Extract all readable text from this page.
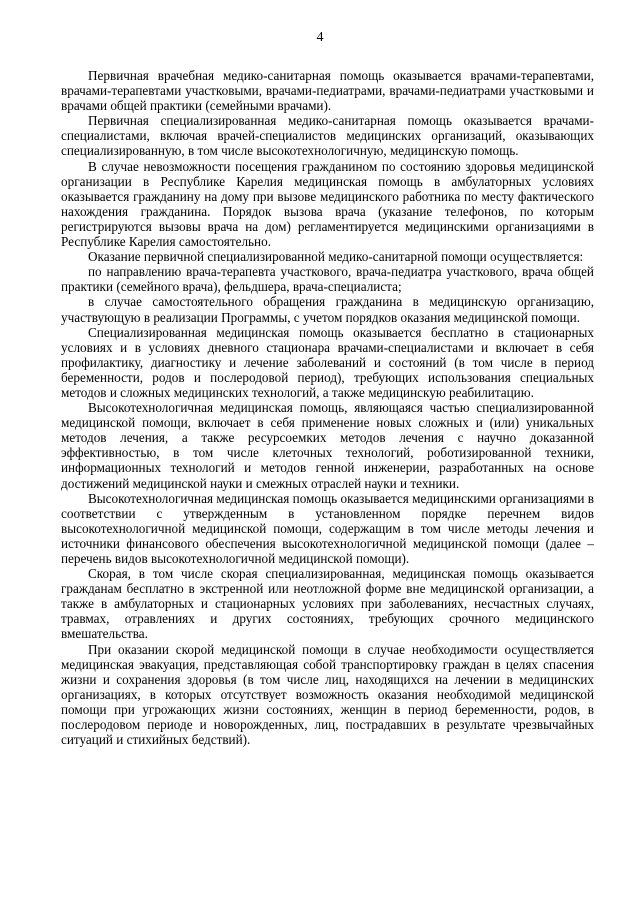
4

Первичная врачебная медико-санитарная помощь оказывается врачами-терапевтами, врачами-терапевтами участковыми, врачами-педиатрами, врачами-педиатрами участковыми и врачами общей практики (семейными врачами).

Первичная специализированная медико-санитарная помощь оказывается врачами-специалистами, включая врачей-специалистов медицинских организаций, оказывающих специализированную, в том числе высокотехнологичную, медицинскую помощь.

В случае невозможности посещения гражданином по состоянию здоровья медицинской организации в Республике Карелия медицинская помощь в амбулаторных условиях оказывается гражданину на дому при вызове медицинского работника по месту фактического нахождения гражданина. Порядок вызова врача (указание телефонов, по которым регистрируются вызовы врача на дом) регламентируется медицинскими организациями в Республике Карелия самостоятельно.

Оказание первичной специализированной медико-санитарной помощи осуществляется:

по направлению врача-терапевта участкового, врача-педиатра участкового, врача общей практики (семейного врача), фельдшера, врача-специалиста;

в случае самостоятельного обращения гражданина в медицинскую организацию, участвующую в реализации Программы, с учетом порядков оказания медицинской помощи.

Специализированная медицинская помощь оказывается бесплатно в стационарных условиях и в условиях дневного стационара врачами-специалистами и включает в себя профилактику, диагностику и лечение заболеваний и состояний (в том числе в период беременности, родов и послеродовой период), требующих использования специальных методов и сложных медицинских технологий, а также медицинскую реабилитацию.

Высокотехнологичная медицинская помощь, являющаяся частью специализированной медицинской помощи, включает в себя применение новых сложных и (или) уникальных методов лечения, а также ресурсоемких методов лечения с научно доказанной эффективностью, в том числе клеточных технологий, роботизированной техники, информационных технологий и методов генной инженерии, разработанных на основе достижений медицинской науки и смежных отраслей науки и техники.

Высокотехнологичная медицинская помощь оказывается медицинскими организациями в соответствии с утвержденным в установленном порядке перечнем видов высокотехнологичной медицинской помощи, содержащим в том числе методы лечения и источники финансового обеспечения высокотехнологичной медицинской помощи (далее – перечень видов высокотехнологичной медицинской помощи).

Скорая, в том числе скорая специализированная, медицинская помощь оказывается гражданам бесплатно в экстренной или неотложной форме вне медицинской организации, а также в амбулаторных и стационарных условиях при заболеваниях, несчастных случаях, травмах, отравлениях и других состояниях, требующих срочного медицинского вмешательства.

При оказании скорой медицинской помощи в случае необходимости осуществляется медицинская эвакуация, представляющая собой транспортировку граждан в целях спасения жизни и сохранения здоровья (в том числе лиц, находящихся на лечении в медицинских организациях, в которых отсутствует возможность оказания необходимой медицинской помощи при угрожающих жизни состояниях, женщин в период беременности, родов, в послеродовом периоде и новорожденных, лиц, пострадавших в результате чрезвычайных ситуаций и стихийных бедствий).
